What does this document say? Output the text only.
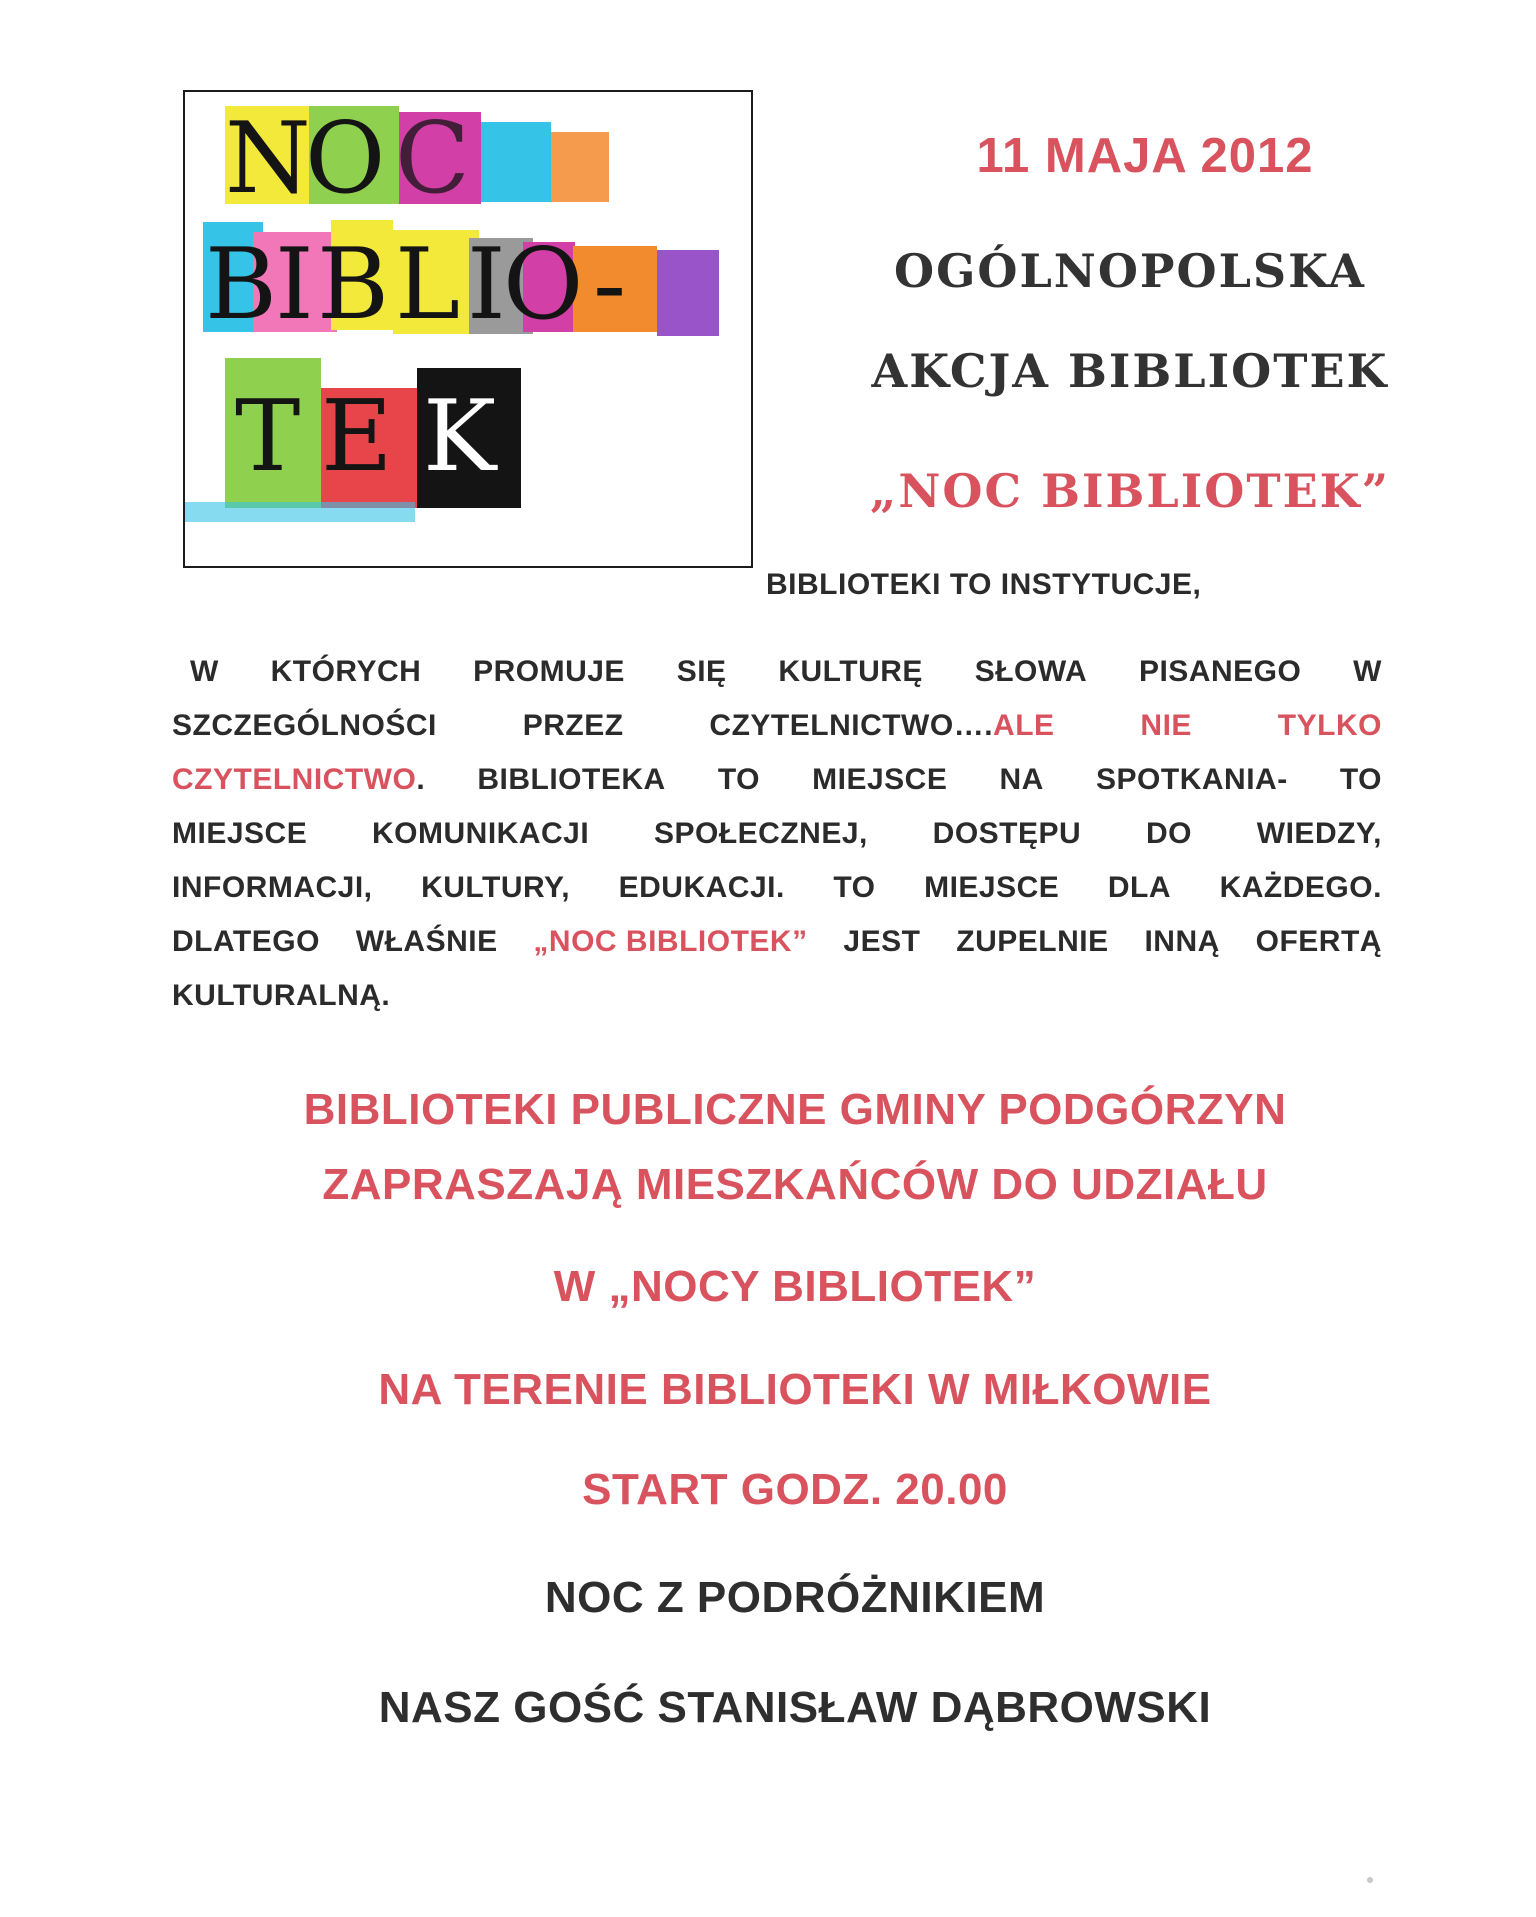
N
O C
B
I B L I
O -
T E K
11 MAJA 2012
OGÓLNOPOLSKA
AKCJA BIBLIOTEK
„NOC BIBLIOTEK”
BIBLIOTEKI TO INSTYTUCJE,
W KTÓRYCH PROMUJE SIĘ KULTURĘ SŁOWA PISANEGO W
SZCZEGÓLNOŚCI	PRZEZ	CZYTELNICTWO….ALE	NIE	TYLKO
CZYTELNICTWO. BIBLIOTEKA TO MIEJSCE NA SPOTKANIA- TO
MIEJSCE KOMUNIKACJI SPOŁECZNEJ, DOSTĘPU DO WIEDZY,
INFORMACJI, KULTURY, EDUKACJI. TO MIEJSCE DLA KAŻDEGO.
DLATEGO WŁAŚNIE „NOC BIBLIOTEK” JEST ZUPELNIE INNĄ OFERTĄ
KULTURALNĄ.
BIBLIOTEKI PUBLICZNE GMINY PODGÓRZYN
ZAPRASZAJĄ MIESZKAŃCÓW DO UDZIAŁU
W „NOCY BIBLIOTEK”
NA TERENIE BIBLIOTEKI W MIŁKOWIE
START GODZ. 20.00
NOC Z PODRÓŻNIKIEM
NASZ GOŚĆ STANISŁAW DĄBROWSKI
